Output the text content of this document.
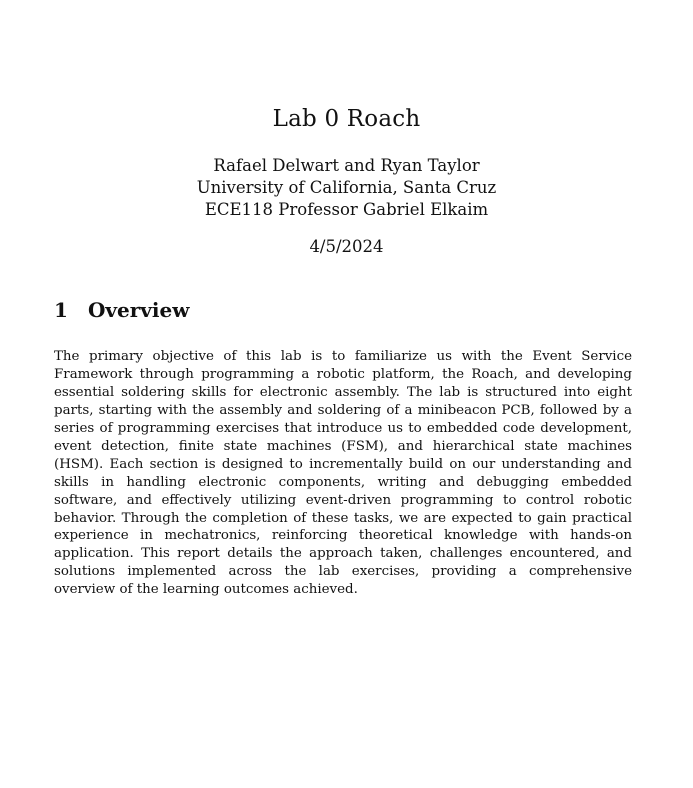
Lab 0 Roach
Rafael Delwart and Ryan Taylor
University of California, Santa Cruz
ECE118 Professor Gabriel Elkaim
4/5/2024
1 Overview

The primary objective of this lab is to familiarize us with the Event Service Framework through programming a robotic platform, the Roach, and developing essential soldering skills for electronic assembly. The lab is structured into eight parts, starting with the assembly and soldering of a minibeacon PCB, followed by a series of programming exercises that introduce us to embedded code development, event detection, finite state machines (FSM), and hierarchical state machines (HSM). Each section is designed to incrementally build on our understanding and skills in handling electronic components, writing and debugging embedded software, and effectively utilizing event-driven programming to control robotic behavior. Through the completion of these tasks, we are expected to gain practical experience in mechatronics, reinforcing theoretical knowledge with hands-on application. This report details the approach taken, challenges encountered, and solutions implemented across the lab exercises, providing a comprehensive overview of the learning outcomes achieved.
